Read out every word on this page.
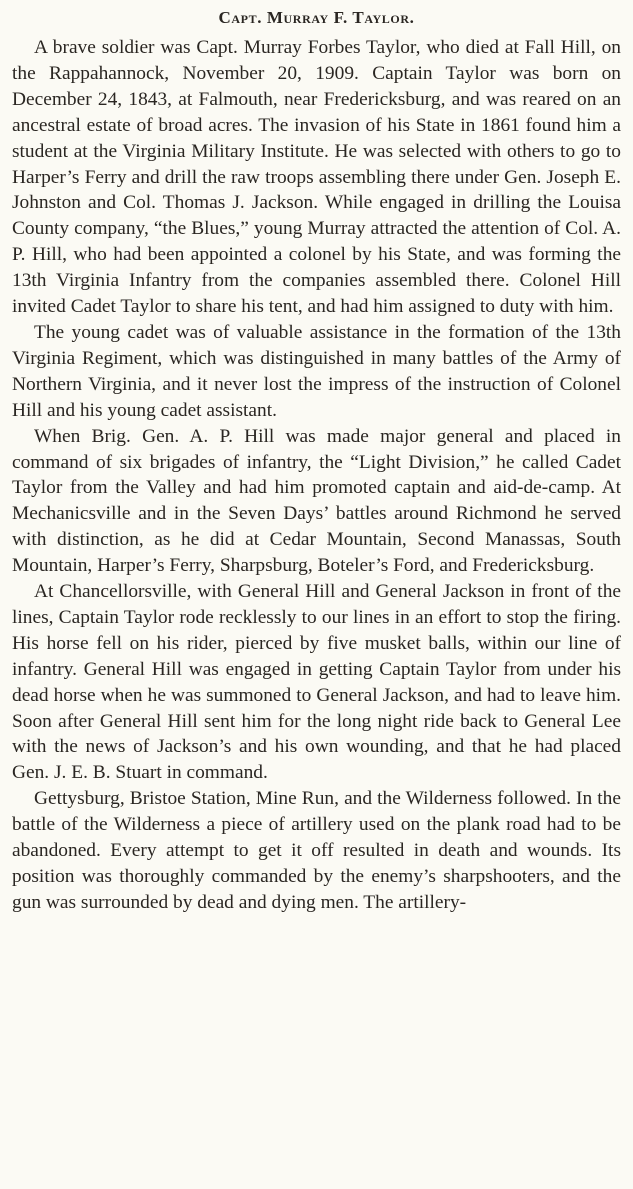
Capt. Murray F. Taylor.

A brave soldier was Capt. Murray Forbes Taylor, who died at Fall Hill, on the Rappahannock, November 20, 1909. Captain Taylor was born on December 24, 1843, at Falmouth, near Fredericksburg, and was reared on an ancestral estate of broad acres. The invasion of his State in 1861 found him a student at the Virginia Military Institute. He was selected with others to go to Harper’s Ferry and drill the raw troops assembling there under Gen. Joseph E. Johnston and Col. Thomas J. Jackson. While engaged in drilling the Louisa County company, “the Blues,” young Murray attracted the attention of Col. A. P. Hill, who had been appointed a colonel by his State, and was forming the 13th Virginia Infantry from the companies assembled there. Colonel Hill invited Cadet Taylor to share his tent, and had him assigned to duty with him.

The young cadet was of valuable assistance in the formation of the 13th Virginia Regiment, which was distinguished in many battles of the Army of Northern Virginia, and it never lost the impress of the instruction of Colonel Hill and his young cadet assistant.

When Brig. Gen. A. P. Hill was made major general and placed in command of six brigades of infantry, the “Light Division,” he called Cadet Taylor from the Valley and had him promoted captain and aid-de-camp. At Mechanicsville and in the Seven Days’ battles around Richmond he served with distinction, as he did at Cedar Mountain, Second Manassas, South Mountain, Harper’s Ferry, Sharpsburg, Boteler’s Ford, and Fredericksburg.

At Chancellorsville, with General Hill and General Jackson in front of the lines, Captain Taylor rode recklessly to our lines in an effort to stop the firing. His horse fell on his rider, pierced by five musket balls, within our line of infantry. General Hill was engaged in getting Captain Taylor from under his dead horse when he was summoned to General Jackson, and had to leave him. Soon after General Hill sent him for the long night ride back to General Lee with the news of Jackson’s and his own wounding, and that he had placed Gen. J. E. B. Stuart in command.

Gettysburg, Bristoe Station, Mine Run, and the Wilderness followed. In the battle of the Wilderness a piece of artillery used on the plank road had to be abandoned. Every attempt to get it off resulted in death and wounds. Its position was thoroughly commanded by the enemy’s sharpshooters, and the gun was surrounded by dead and dying men. The artillery-
